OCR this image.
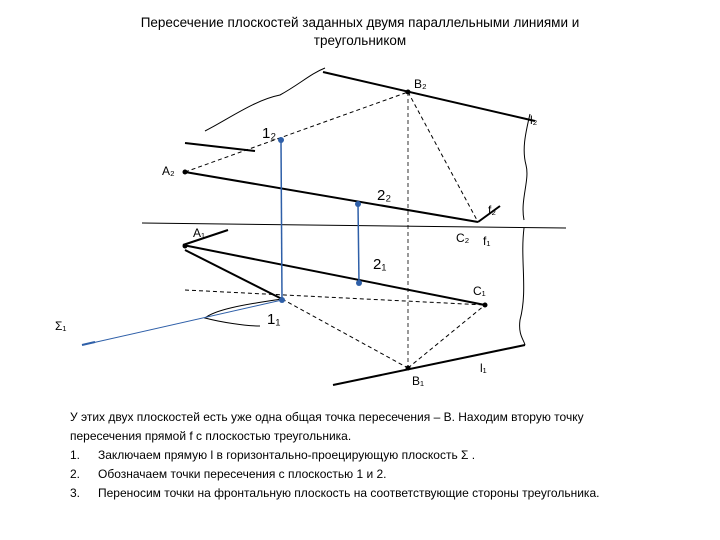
Пересечение плоскостей заданных двумя параллельными линиями и
треугольником
B₂
l₂
1₂
A₂
2₂
f₂
A₁	C₂ f₁
2₁
C₁
Σ₁	1₁
B₁
l₁

У этих двух плоскостей есть уже одна общая точка пересечения – B. Находим вторую точку

пересечения прямой f с плоскостью треугольника.

1.	Заключаем прямую l в горизонтально-проецирующую плоскость Σ .
2.	Обозначаем точки пересечения с плоскостью 1 и 2.
3.	Переносим точки на фронтальную плоскость на соответствующие стороны треугольника.
